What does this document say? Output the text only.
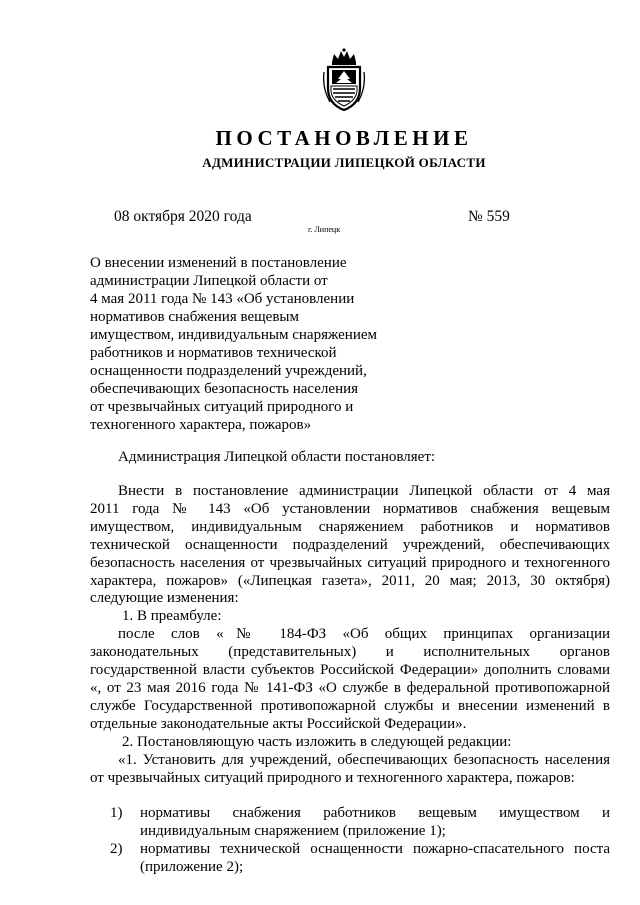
ПОСТАНОВЛЕНИЕ
АДМИНИСТРАЦИИ ЛИПЕЦКОЙ ОБЛАСТИ
08 октября 2020 года
г. Липецк
№ 559
О внесении изменений в постановление
администрации Липецкой области от
4 мая 2011 года № 143 «Об установлении
нормативов снабжения вещевым
имуществом, индивидуальным снаряжением
работников и нормативов технической
оснащенности подразделений учреждений,
обеспечивающих безопасность населения
от чрезвычайных ситуаций природного и
техногенного характера, пожаров»
Администрация Липецкой области постановляет:
Внести в постановление администрации Липецкой области от 4 мая
2011 года № 143 «Об установлении нормативов снабжения вещевым
имуществом, индивидуальным снаряжением работников и нормативов
технической оснащенности подразделений учреждений, обеспечивающих
безопасность населения от чрезвычайных ситуаций природного и техногенного
характера, пожаров» («Липецкая газета», 2011, 20 мая; 2013, 30 октября)
следующие изменения:
1. В преамбуле:
после слов «№ 184-ФЗ «Об общих принципах организации
законодательных (представительных) и исполнительных органов
государственной власти субъектов Российской Федерации» дополнить словами
«, от 23 мая 2016 года № 141-ФЗ «О службе в федеральной противопожарной
службе Государственной противопожарной службы и внесении изменений в
отдельные законодательные акты Российской Федерации».
2. Постановляющую часть изложить в следующей редакции:
«1. Установить для учреждений, обеспечивающих безопасность населения
от чрезвычайных ситуаций природного и техногенного характера, пожаров:
1)	нормативы снабжения работников вещевым имуществом и
индивидуальным снаряжением (приложение 1);
2)	нормативы технической оснащенности пожарно-спасательного поста
(приложение 2);
